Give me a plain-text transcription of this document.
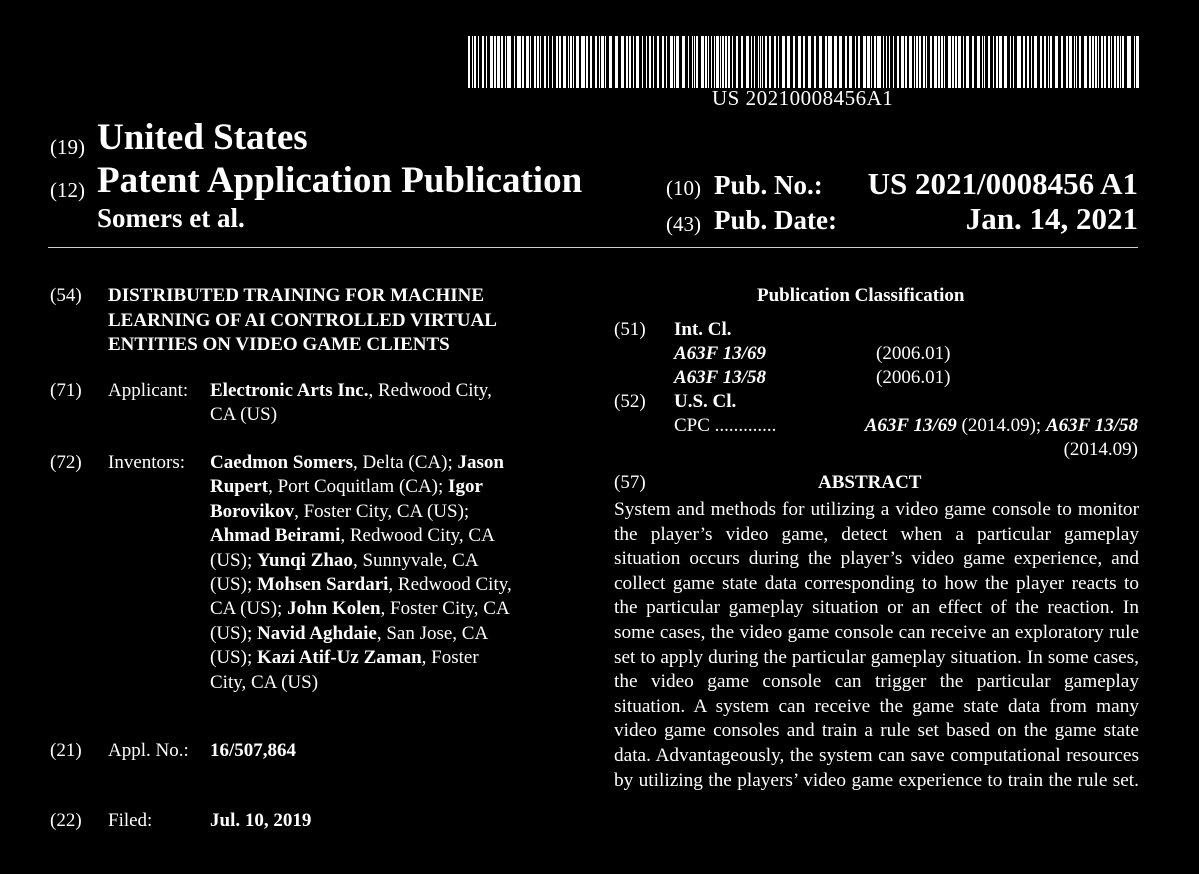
US 20210008456A1
(19) United States
(12) Patent Application Publication
Somers et al.
(10) Pub. No.: US 2021/0008456 A1
(43) Pub. Date:	Jan. 14, 2021
(54) DISTRIBUTED TRAINING FOR MACHINE
LEARNING OF AI CONTROLLED VIRTUAL
ENTITIES ON VIDEO GAME CLIENTS
(71) Applicant: Electronic Arts Inc., Redwood City,
CA (US)
(72) Inventors: Caedmon Somers, Delta (CA); Jason
Rupert, Port Coquitlam (CA); Igor
Borovikov, Foster City, CA (US);
Ahmad Beirami, Redwood City, CA
(US); Yunqi Zhao, Sunnyvale, CA
(US); Mohsen Sardari, Redwood City,
CA (US); John Kolen, Foster City, CA
(US); Navid Aghdaie, San Jose, CA
(US); Kazi Atif-Uz Zaman, Foster
City, CA (US)
(21) Appl. No.: 16/507,864
(22) Filed:	Jul. 10, 2019
Publication Classification
(51) Int. Cl.
A63F 13/69	(2006.01)
A63F 13/58	(2006.01)
(52) U.S. Cl.
CPC .............	A63F 13/69 (2014.09); A63F 13/58
(2014.09)
(57)	ABSTRACT
System and methods for utilizing a video game console to monitor the player’s video game, detect when a particular gameplay situation occurs during the player’s video game experience, and collect game state data corresponding to how the player reacts to the particular gameplay situation or an effect of the reaction. In some cases, the video game console can receive an exploratory rule set to apply during the particular gameplay situation. In some cases, the video game console can trigger the particular gameplay situation. A system can receive the game state data from many video game consoles and train a rule set based on the game state data. Advantageously, the system can save computational resources by utilizing the players’ video game experience to train the rule set.
